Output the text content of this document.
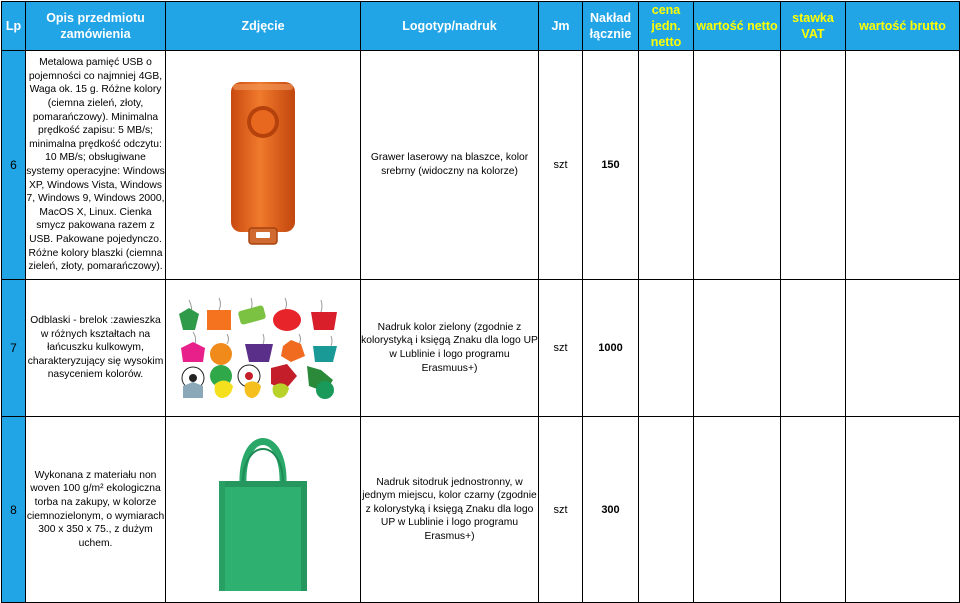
Lp	Opis przedmiotu zamówienia	Zdjęcie	Logotyp/nadruk	Jm	Nakład łącznie	cena jedn. netto	wartość netto	stawka VAT	wartość brutto
6	Metalowa pamięć USB o pojemności co najmniej 4GB, Waga ok. 15 g. Różne kolory (ciemna zieleń, złoty, pomarańczowy). Minimalna prędkość zapisu: 5 MB/s; minimalna prędkość odczytu: 10 MB/s; obsługiwane systemy operacyjne: Windows XP, Windows Vista, Windows 7, Windows 9, Windows 2000, MacOS X, Linux. Cienka smycz pakowana razem z USB. Pakowane pojedynczo. Różne kolory blaszki (ciemna zieleń, złoty, pomarańczowy).		Grawer laserowy na blaszce, kolor srebrny (widoczny na kolorze)	szt	150				
7	Odblaski - brelok :zawieszka w różnych kształtach na łańcuszku kulkowym, charakteryzujący się wysokim nasyceniem kolorów.		Nadruk kolor zielony (zgodnie z kolorystyką i księgą Znaku dla logo UP w Lublinie i logo programu Erasmuus+)	szt	1000				
8	Wykonana z materiału non woven 100 g/m² ekologiczna torba na zakupy, w kolorze ciemnozielonym, o wymiarach 300 x 350 x 75., z dużym uchem.		Nadruk sitodruk jednostronny, w jednym miejscu, kolor czarny (zgodnie z kolorystyką i księgą Znaku dla logo UP w Lublinie i logo programu Erasmus+)	szt	300				
